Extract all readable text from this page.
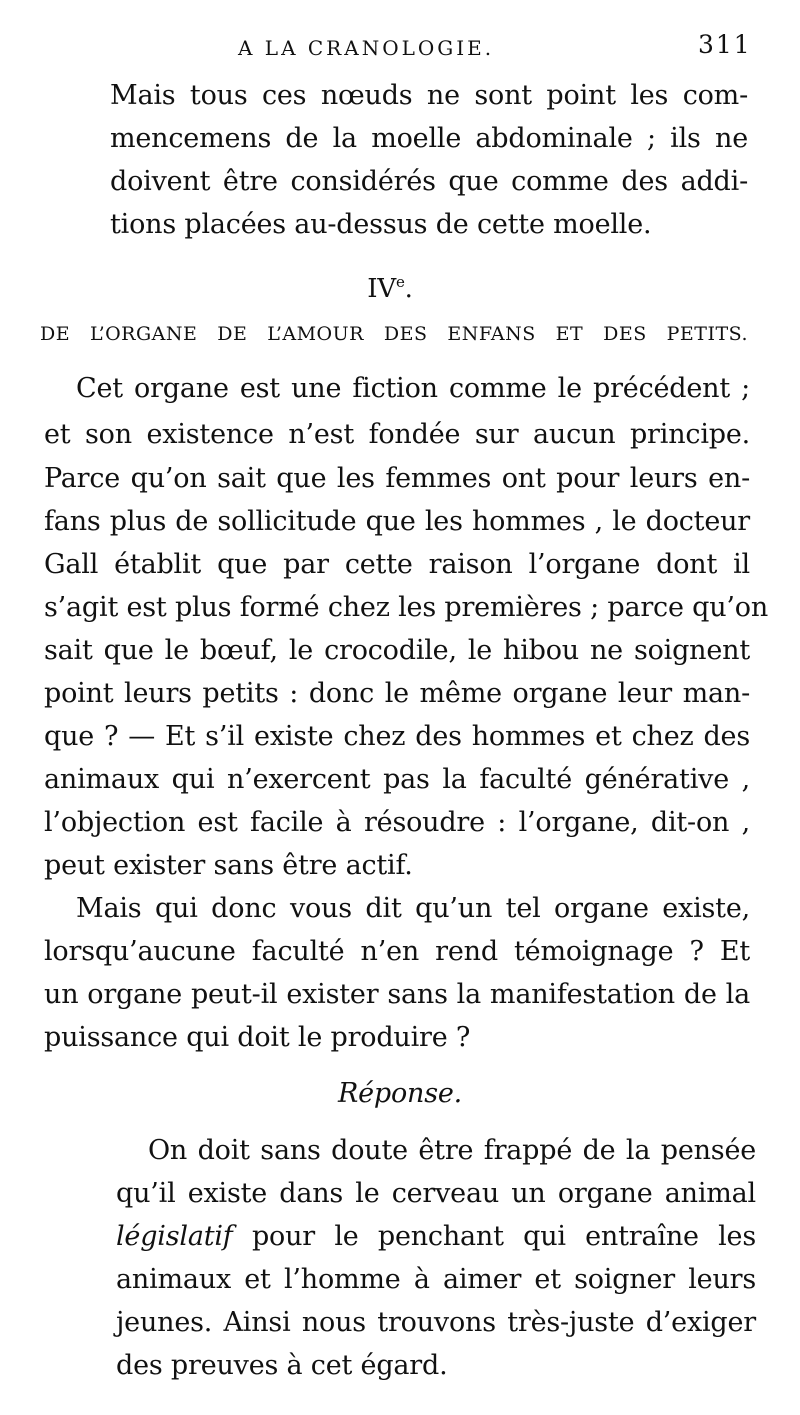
A LA CRANOLOGIE.	311
Mais tous ces nœuds ne sont point les com-
mencemens de la moelle abdominale ; ils ne
doivent être considérés que comme des addi-
tions placées au-dessus de cette moelle.
IVe.
DE L’ORGANE DE L’AMOUR DES ENFANS ET DES PETITS.
Cet organe est une fiction comme le précédent ;
et son existence n’est fondée sur aucun principe.
Parce qu’on sait que les femmes ont pour leurs en-
fans plus de sollicitude que les hommes , le docteur
Gall établit que par cette raison l’organe dont il
s’agit est plus formé chez les premières ; parce qu’on
sait que le bœuf, le crocodile, le hibou ne soignent
point leurs petits : donc le même organe leur man-
que ? — Et s’il existe chez des hommes et chez des
animaux qui n’exercent pas la faculté générative ,
l’objection est facile à résoudre : l’organe, dit-on ,
peut exister sans être actif.
Mais qui donc vous dit qu’un tel organe existe,
lorsqu’aucune faculté n’en rend témoignage ? Et
un organe peut-il exister sans la manifestation de la
puissance qui doit le produire ?
Réponse.
On doit sans doute être frappé de la pensée
qu’il existe dans le cerveau un organe animal
législatif pour le penchant qui entraîne les
animaux et l’homme à aimer et soigner leurs
jeunes. Ainsi nous trouvons très-juste d’exiger
des preuves à cet égard.
